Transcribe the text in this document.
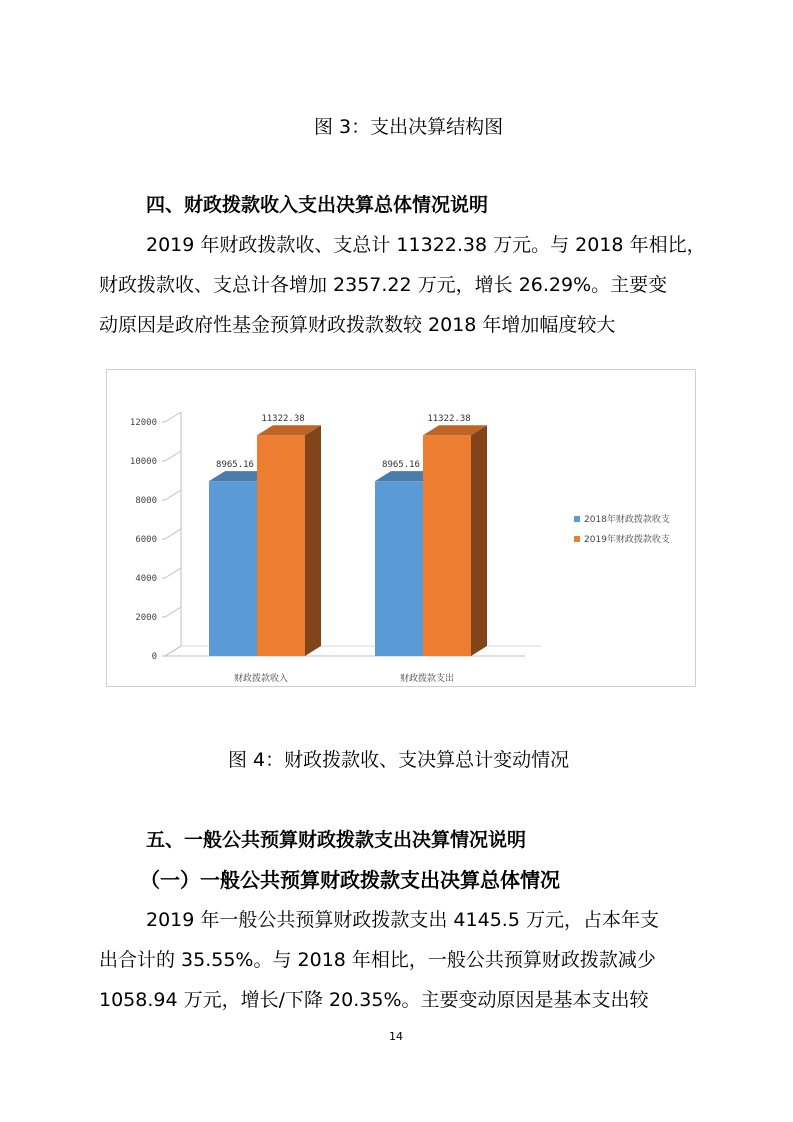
图 3：支出决算结构图
四、财政拨款收入支出决算总体情况说明
2019 年财政拨款收、支总计 11322.38 万元。与 2018 年相比，
财政拨款收、支总计各增加 2357.22 万元，增长 26.29%。主要变
动原因是政府性基金预算财政拨款数较 2018 年增加幅度较大
0
2000
4000
6000
8000
10000
12000
8965.16
11322.38
财政拨款收入
8965.16
11322.38
财政拨款支出
2018年财政拨款收支
2019年财政拨款收支
图 4：财政拨款收、支决算总计变动情况
五、一般公共预算财政拨款支出决算情况说明
（一）一般公共预算财政拨款支出决算总体情况
2019 年一般公共预算财政拨款支出 4145.5 万元，占本年支
出合计的 35.55%。与 2018 年相比，一般公共预算财政拨款减少
1058.94 万元，增长/下降 20.35%。主要变动原因是基本支出较
14
